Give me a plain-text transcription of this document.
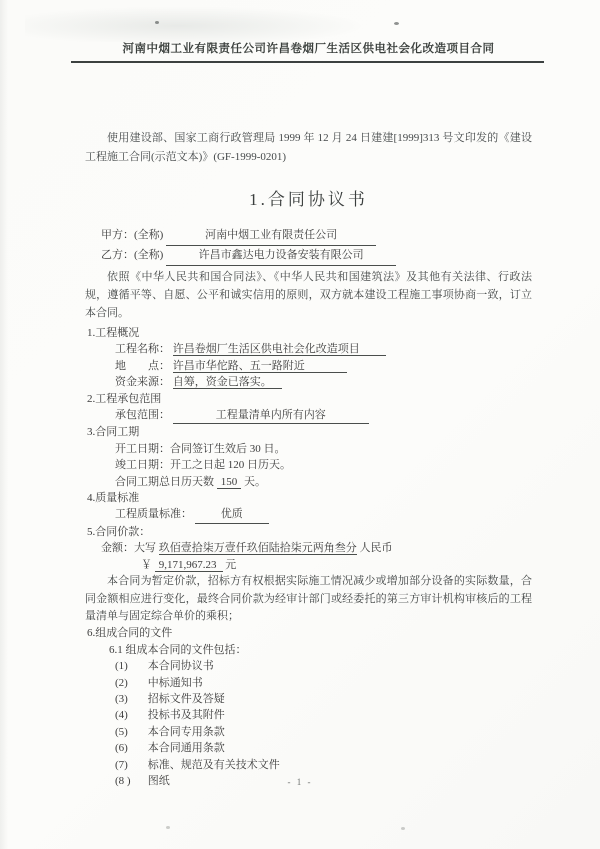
河南中烟工业有限责任公司许昌卷烟厂生活区供电社会化改造项目合同

使用建设部、国家工商行政管理局 1999 年 12 月 24 日建建[1999]313 号文印发的《建设工程施工合同(示范文本)》(GF-1999-0201)

1.合同协议书
甲方：(全称)	河南中烟工业有限责任公司
乙方：(全称)	许昌市鑫达电力设备安装有限公司

依照《中华人民共和国合同法》、《中华人民共和国建筑法》及其他有关法律、行政法规，遵循平等、自愿、公平和诚实信用的原则，双方就本建设工程施工事项协商一致，订立本合同。

1.工程概况
工程名称： 许昌卷烟厂生活区供电社会化改造项目
地　　点： 许昌市华佗路、五一路附近
资金来源： 自筹，资金已落实。
2.工程承包范围
承包范围：	工程量清单内所有内容
3.合同工期
开工日期：合同签订生效后 30 日。
竣工日期：开工之日起 120 日历天。
合同工期总日历天数 150 天。
4.质量标准
工程质量标准：	优质
5.合同价款：
金额：大写 玖佰壹拾柒万壹仟玖佰陆拾柒元两角叁分 人民币
￥ 9,171,967.23 元

本合同为暂定价款，招标方有权根据实际施工情况减少或增加部分设备的实际数量，合同金额相应进行变化，最终合同价款为经审计部门或经委托的第三方审计机构审核后的工程量清单与固定综合单价的乘积；

6.组成合同的文件
6.1 组成本合同的文件包括：
(1) 本合同协议书
(2) 中标通知书
(3) 招标文件及答疑
(4) 投标书及其附件
(5) 本合同专用条款
(6) 本合同通用条款
(7) 标准、规范及有关技术文件
(8 ) 图纸	- 1 -
